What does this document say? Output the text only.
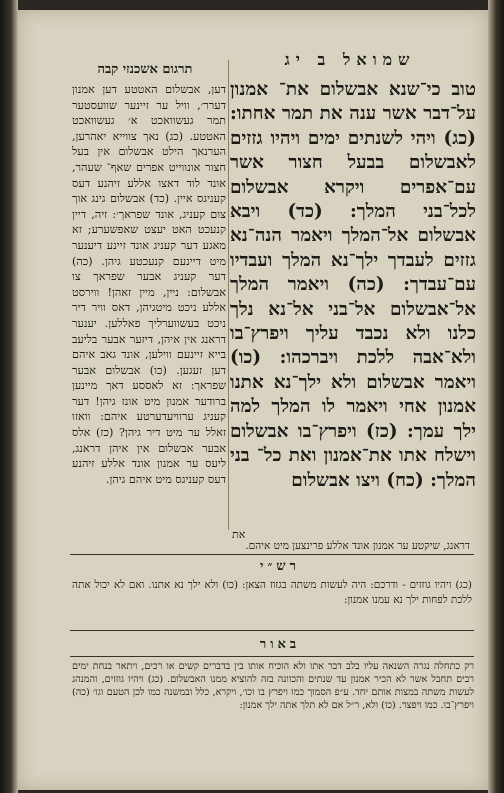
שמואל ב יג
תרגום אשכנזי קבה
דען, אבשלום האטטע דען אמנון דערר׳, וויל ער זיינער שוועסטער תמר געשוואכט אּ׳ געשוואכט האטטע. (כג) נאך צווייא יאהרען, הערנאך הילט אבשלום אין בעל חצור אונווייט אפרים שאף־ שעהר, אונד לוד דאצו אללע זיהנע דעס קעניגס איין. (כד) אבשלום גינג אוך צום קעניג, אונד שפראך׳: זיה, דיין קנעכט האט יעצט שאפשערע; זא מאגע דער קעניג אונד זיינע דיענער מיט דיינעם קנעכטע גיהן. (כה) דער קעניג אבער שפראך צו אבשלום: ניין, מיין זאהן! ווירסט אללע ניכט מיטגיהן, דאס וויר דיר ניכט בעשווערליך פאללען. יענער דראנג אין איהן, דיזער אבער בליעב בייא זיינעם ווילען, אונד גאב איהם דען זעגען. (כו) אבשלום אבער שפראך: זא לאססע דאך מיינען ברודער אמנון מיט אונז גיהן! דער קעניג ערוויעדערטע איהם: וואזו זאלל ער מיט דיר גיהן? (כז) אלס אבער אבשלום אין איהן דראנג, ליעס ער אמנון אונד אללע זיהנע דעס קעניגס מיט איהם גיהן.
טוב כי־שנא אבשלום את־ אמנון על־דבר אשר ענה את תמר אחתו: (כג) ויהי לשנתים ימים ויהיו גזזים לאבשלום בבעל חצור אשר עם־אפרים ויקרא אבשלום לכל־בני המלך: (כד) ויבא אבשלום אל־המלך ויאמר הנה־נא גזזים לעבדך ילך־נא המלך ועבדיו עם־עבדך: (כה) ויאמר המלך אל־אבשלום אל־בני אל־נא נלך כלנו ולא נכבד עליך ויפרץ־בו ולא־אבה ללכת ויברכהו: (כו) ויאמר אבשלום ולא ילך־נא אתנו אמנון אחי ויאמר לו המלך למה ילך עמך: (כז) ויפרץ־בו אבשלום וישלח אתו את־אמנון ואת כל־ בני המלך: (כח) ויצו אבשלום
את
דראנג, שיקטע ער אמנון אונד אללע פרינצען מיט איהם.
רש״י
(כג) ויהיו גוזזים - ודרכם: היה לעשות משתה בגזוז הצאן: (כו) ולא ילך נא אתנו. ואם לא יכול אתה ללכת לפחות ילך נא עמנו אמנון:
באור
רק כתחלה נגרה השנאה עליו בלב דבר אתו ולא הוכיח אותו בין בדברים קשים או רכים, ויתאר בנחת ימים רבים תחבל אשר לא הכיר אמנון עד שנתים והכוונה בזה להוציא ממנו האבשלום. (כג) ויהיו גוזזים, והמנהג לעשות משתה במצות אותם יחד. ע״פ הסמוך כמו ויפרץ בו וכו׳, ויקרא, כלל ובמשנה כמו לכן הטעם וגו׳ (כה) ויפרץ־בו. כמו ויפצר. (כו) ולא, ר״ל אם לא תלך אתה ילך אמנון:
